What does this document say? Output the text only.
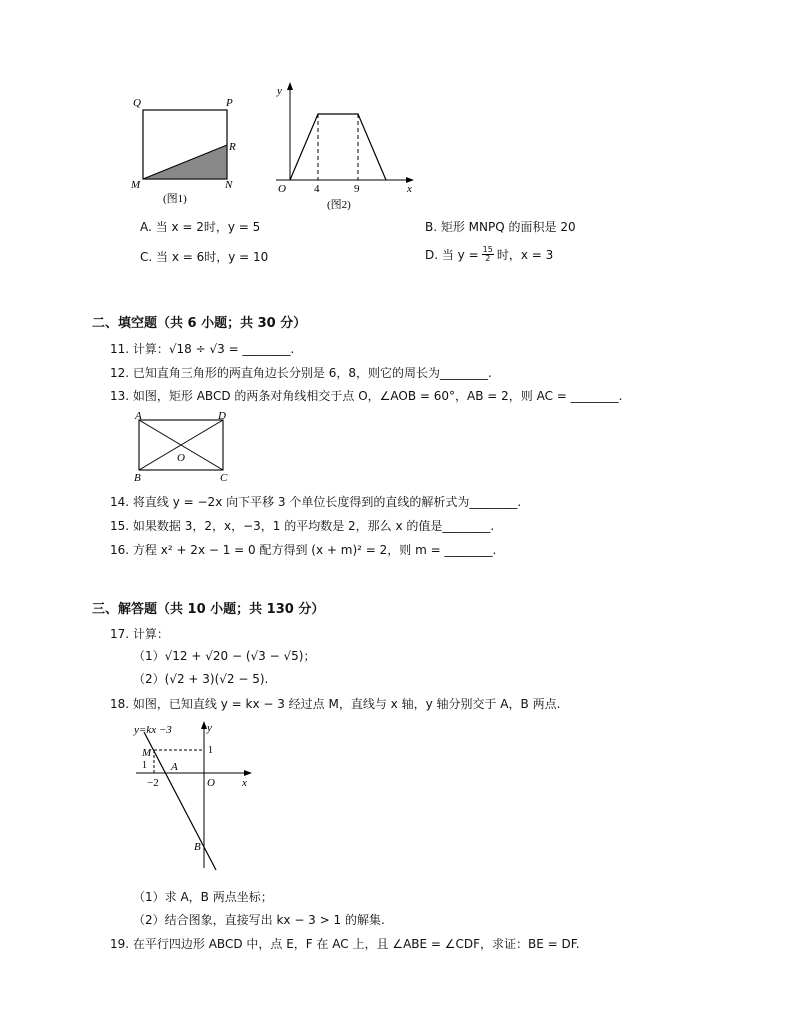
Q	P
R
M	N
(图1)
y
x
O	4	9
(图2)
A. 当 x = 2时，y = 5	B. 矩形 MNPQ 的面积是 20
C. 当 x = 6时，y = 10	D. 当 $y = \frac{15}{2}$ 时，x = 3
二、填空题（共 6 小题；共 30 分）
11. 计算：√18 ÷ √3 = ________.
12. 已知直角三角形的两直角边长分别是 6，8，则它的周长为________.
13. 如图，矩形 ABCD 的两条对角线相交于点 O，∠AOB = 60°，AB = 2，则 AC = ________.
A	D
B	C
O
14. 将直线 y = −2x 向下平移 3 个单位长度得到的直线的解析式为________.
15. 如果数据 3，2，x，−3，1 的平均数是 2，那么 x 的值是________.
16. 方程 x² + 2x − 1 = 0 配方得到 (x + m)² = 2，则 m = ________.
三、解答题（共 10 小题；共 130 分）
17. 计算：
（1）√12 + √20 − (√3 − √5)；
（2）(√2 + 3)(√2 − 5).
18. 如图，已知直线 y = kx − 3 经过点 M，直线与 x 轴，y 轴分别交于 A，B 两点.
y=kx −3	y
M
1
1
A
−2	O x
B
（1）求 A，B 两点坐标；
（2）结合图象，直接写出 kx − 3 > 1 的解集.
19. 在平行四边形 ABCD 中，点 E，F 在 AC 上，且 ∠ABE = ∠CDF，求证：BE = DF.
